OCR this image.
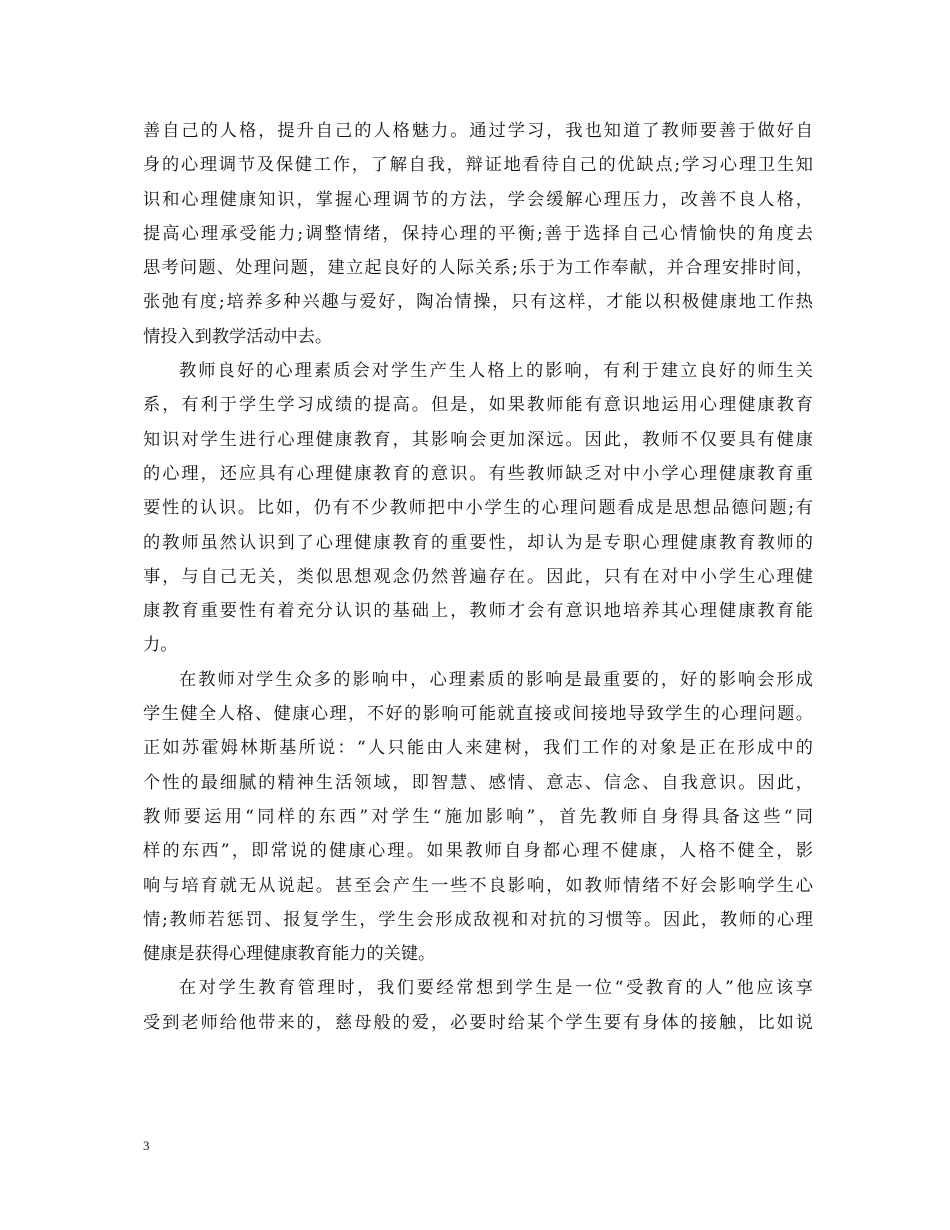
善自己的人格，提升自己的人格魅力。通过学习，我也知道了教师要善于做好自
身的心理调节及保健工作，了解自我，辩证地看待自己的优缺点;学习心理卫生知
识和心理健康知识，掌握心理调节的方法，学会缓解心理压力，改善不良人格，
提高心理承受能力;调整情绪，保持心理的平衡;善于选择自己心情愉快的角度去
思考问题、处理问题，建立起良好的人际关系;乐于为工作奉献，并合理安排时间，
张弛有度;培养多种兴趣与爱好，陶冶情操，只有这样，才能以积极健康地工作热
情投入到教学活动中去。
教师良好的心理素质会对学生产生人格上的影响，有利于建立良好的师生关
系，有利于学生学习成绩的提高。但是，如果教师能有意识地运用心理健康教育
知识对学生进行心理健康教育，其影响会更加深远。因此，教师不仅要具有健康
的心理，还应具有心理健康教育的意识。有些教师缺乏对中小学心理健康教育重
要性的认识。比如，仍有不少教师把中小学生的心理问题看成是思想品德问题;有
的教师虽然认识到了心理健康教育的重要性，却认为是专职心理健康教育教师的
事，与自己无关，类似思想观念仍然普遍存在。因此，只有在对中小学生心理健
康教育重要性有着充分认识的基础上，教师才会有意识地培养其心理健康教育能
力。
在教师对学生众多的影响中，心理素质的影响是最重要的，好的影响会形成
学生健全人格、健康心理，不好的影响可能就直接或间接地导致学生的心理问题。
正如苏霍姆林斯基所说：“人只能由人来建树，我们工作的对象是正在形成中的
个性的最细腻的精神生活领域，即智慧、感情、意志、信念、自我意识。因此，
教师要运用“同样的东西”对学生“施加影响”，首先教师自身得具备这些“同
样的东西”，即常说的健康心理。如果教师自身都心理不健康，人格不健全，影
响与培育就无从说起。甚至会产生一些不良影响，如教师情绪不好会影响学生心
情;教师若惩罚、报复学生，学生会形成敌视和对抗的习惯等。因此，教师的心理
健康是获得心理健康教育能力的关键。
在对学生教育管理时，我们要经常想到学生是一位“受教育的人”他应该享
受到老师给他带来的，慈母般的爱，必要时给某个学生要有身体的接触，比如说
3
